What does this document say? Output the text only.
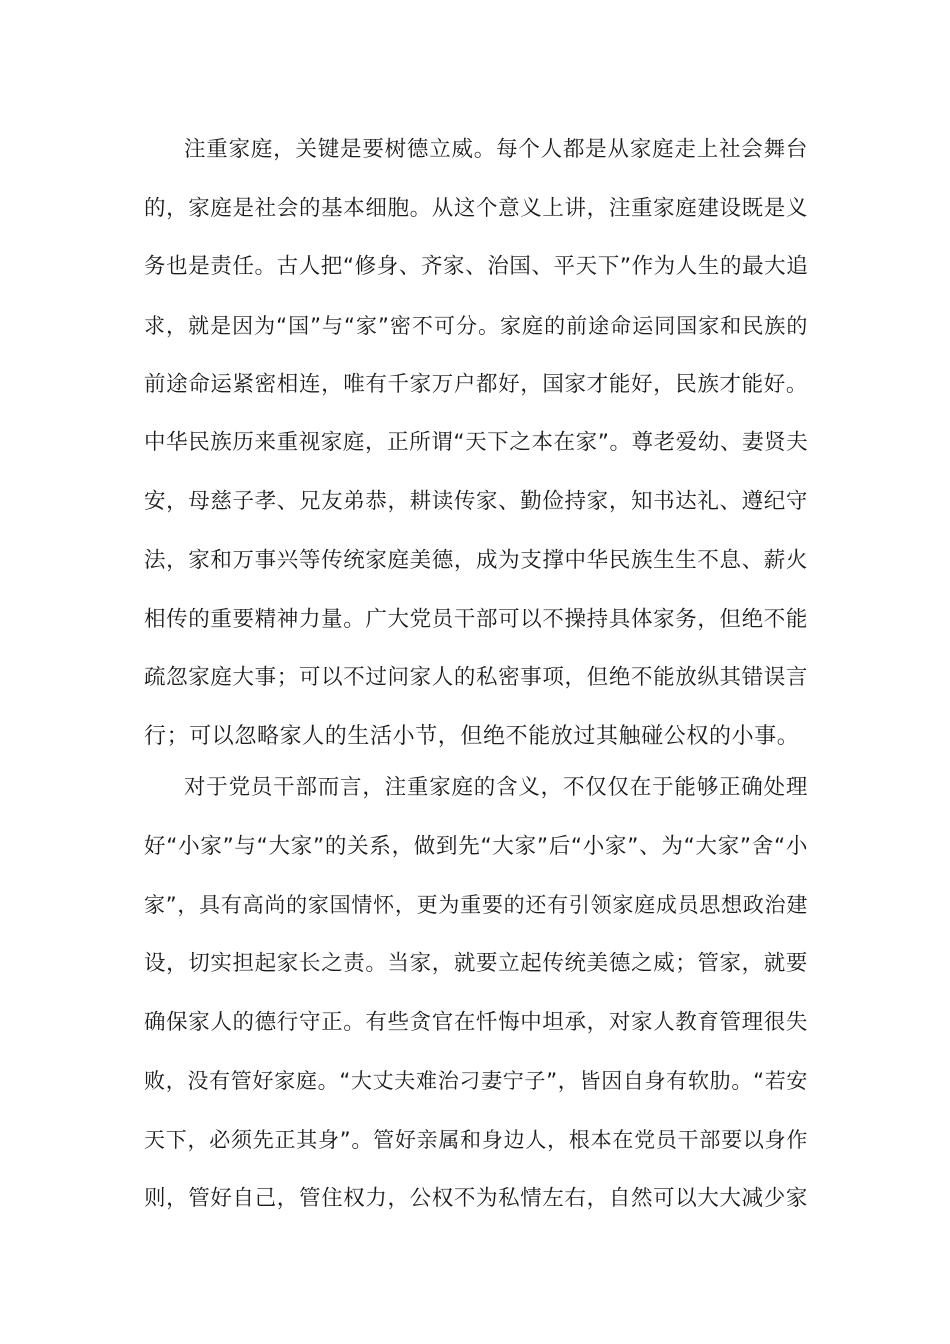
注重家庭，关键是要树德立威。每个人都是从家庭走上社会舞台
的，家庭是社会的基本细胞。从这个意义上讲，注重家庭建设既是义
务也是责任。古人把“修身、齐家、治国、平天下”作为人生的最大追
求，就是因为“国”与“家”密不可分。家庭的前途命运同国家和民族的
前途命运紧密相连，唯有千家万户都好，国家才能好，民族才能好。
中华民族历来重视家庭，正所谓“天下之本在家”。尊老爱幼、妻贤夫
安，母慈子孝、兄友弟恭，耕读传家、勤俭持家，知书达礼、遵纪守
法，家和万事兴等传统家庭美德，成为支撑中华民族生生不息、薪火
相传的重要精神力量。广大党员干部可以不操持具体家务，但绝不能
疏忽家庭大事；可以不过问家人的私密事项，但绝不能放纵其错误言
行；可以忽略家人的生活小节，但绝不能放过其触碰公权的小事。
对于党员干部而言，注重家庭的含义，不仅仅在于能够正确处理
好“小家”与“大家”的关系，做到先“大家”后“小家”、为“大家”舍“小
家”，具有高尚的家国情怀，更为重要的还有引领家庭成员思想政治建
设，切实担起家长之责。当家，就要立起传统美德之威；管家，就要
确保家人的德行守正。有些贪官在忏悔中坦承，对家人教育管理很失
败，没有管好家庭。“大丈夫难治刁妻宁子”，皆因自身有软肋。“若安
天下，必须先正其身”。管好亲属和身边人，根本在党员干部要以身作
则，管好自己，管住权力，公权不为私情左右，自然可以大大减少家
